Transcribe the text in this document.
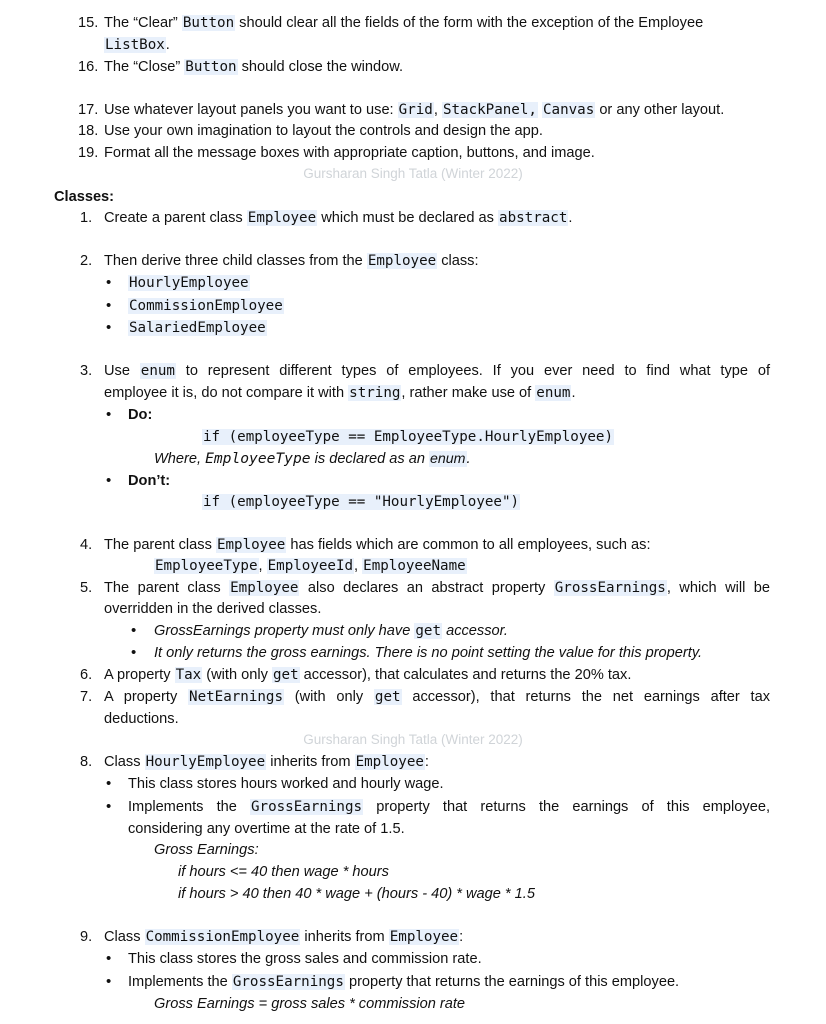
15. The “Clear” Button should clear all the fields of the form with the exception of the Employee
ListBox.
16. The “Close” Button should close the window.
17. Use whatever layout panels you want to use: Grid, StackPanel, Canvas or any other layout.
18. Use your own imagination to layout the controls and design the app.
19. Format all the message boxes with appropriate caption, buttons, and image.
Gursharan Singh Tatla (Winter 2022)
Classes:
1. Create a parent class Employee which must be declared as abstract.
2. Then derive three child classes from the Employee class:
• HourlyEmployee
• CommissionEmployee
• SalariedEmployee
3. Use enum to represent different types of employees. If you ever need to find what type of
employee it is, do not compare it with string, rather make use of enum.
• Do:
if (employeeType == EmployeeType.HourlyEmployee)
Where, EmployeeType is declared as an enum.
• Don’t:
if (employeeType == "HourlyEmployee")
4. The parent class Employee has fields which are common to all employees, such as:
EmployeeType, EmployeeId, EmployeeName
5. The parent class Employee also declares an abstract property GrossEarnings, which will be
overridden in the derived classes.
• GrossEarnings property must only have get accessor.
• It only returns the gross earnings. There is no point setting the value for this property.
6. A property Tax (with only get accessor), that calculates and returns the 20% tax.
7. A property NetEarnings (with only get accessor), that returns the net earnings after tax
deductions.
Gursharan Singh Tatla (Winter 2022)
8. Class HourlyEmployee inherits from Employee:
• This class stores hours worked and hourly wage.
• Implements the GrossEarnings property that returns the earnings of this employee,
considering any overtime at the rate of 1.5.
Gross Earnings:
if hours <= 40 then wage * hours
if hours > 40 then 40 * wage + (hours - 40) * wage * 1.5
9. Class CommissionEmployee inherits from Employee:
• This class stores the gross sales and commission rate.
• Implements the GrossEarnings property that returns the earnings of this employee.
Gross Earnings = gross sales * commission rate
